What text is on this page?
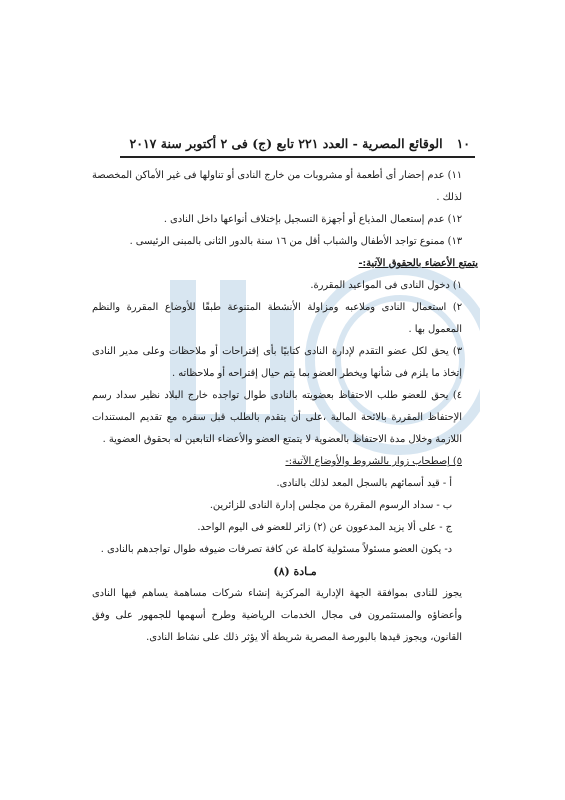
١٠
الوقائع المصرية - العدد ٢٢١ تابع (ج) فى ٢ أكتوبر سنة ٢٠١٧

١١) عدم إحضار أى أطعمة أو مشروبات من خارج النادى أو تناولها فى غير الأماكن المخصصة لذلك .

١٢) عدم إستعمال المذياع أو أجهزة التسجيل بإختلاف أنواعها داخل النادى .

١٣) ممنوع تواجد الأطفال والشباب أقل من ١٦ سنة بالدور الثانى بالمبنى الرئيسى .

يتمتع الأعضاء بالحقوق الآتية:-

١) دخول النادى فى المواعيد المقررة.

٢) استعمال النادى وملاعبه ومزاولة الأنشطة المتنوعة طبقًا للأوضاع المقررة والنظم المعمول بها .

٣) يحق لكل عضو التقدم لإدارة النادى كتابيًا بأى إقتراحات أو ملاحظات وعلى مدير النادى إتخاذ ما يلزم فى شأنها ويخطر العضو بما يتم حيال إقتراحه أو ملاحظاته .

٤) يحق للعضو طلب الاحتفاظ بعضويته بالنادى طوال تواجده خارج البلاد نظير سداد رسم الإحتفاظ المقررة بالائحة المالية ،على أن يتقدم بالطلب قبل سفره مع تقديم المستندات اللازمة وخلال مدة الاحتفاظ بالعضوية لا يتمتع العضو والأعضاء التابعين له بحقوق العضوية .

٥) إصطحاب زوار بالشروط والأوضاع الآتية:-

أ - قيد أسمائهم بالسجل المعد لذلك بالنادى.

ب - سداد الرسوم المقررة من مجلس إدارة النادى للزائرين.

ج - على ألا يزيد المدعوون عن (٢) زائر للعضو فى اليوم الواحد.

د- يكون العضو مسئولاً مسئولية كاملة عن كافة تصرفات ضيوفه طوال تواجدهم بالنادى .

مـادة (٨)

يجوز للنادى بموافقة الجهة الإدارية المركزية إنشاء شركات مساهمة يساهم فيها النادى وأعضاؤه والمستثمرون فى مجال الخدمات الرياضية وطرح أسهمها للجمهور على وفق القانون، ويجوز قيدها بالبورصة المصرية شريطة ألا يؤثر ذلك على نشاط النادى.
